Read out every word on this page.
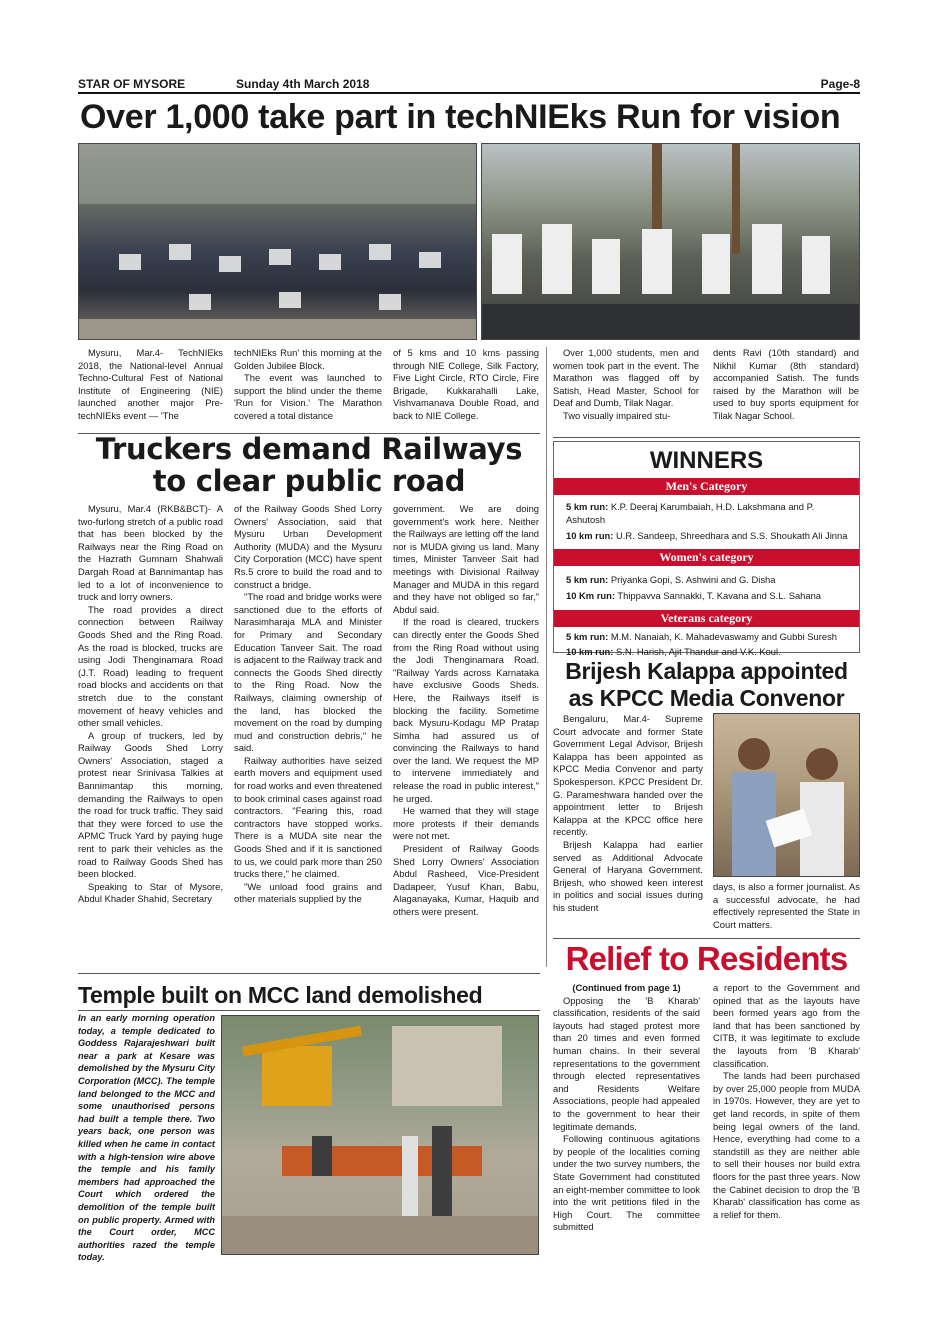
STAR OF MYSORE	Sunday 4th March 2018	Page-8
Over 1,000 take part in techNIEks Run for vision

Mysuru, Mar.4- TechNIEks 2018, the National-level Annual Techno-Cultural Fest of National Institute of Engineering (NIE) launched another major Pre-techNIEks event — 'The

techNIEks Run' this morning at the Golden Jubilee Block.

The event was launched to support the blind under the theme 'Run for Vision.' The Marathon covered a total distance

of 5 kms and 10 kms passing through NIE College, Silk Factory, Five Light Circle, RTO Circle, Fire Brigade, Kukkarahalli Lake, Vishvamanava Double Road, and back to NIE College.

Over 1,000 students, men and women took part in the event. The Marathon was flagged off by Satish, Head Master, School for Deaf and Dumb, Tilak Nagar.

Two visually impaired stu-

dents Ravi (10th standard) and Nikhil Kumar (8th standard) accompanied Satish. The funds raised by the Marathon will be used to buy sports equipment for Tilak Nagar School.

Truckers demand Railways
to clear public road

Mysuru, Mar.4 (RKB&BCT)- A two-furlong stretch of a public road that has been blocked by the Railways near the Ring Road on the Hazrath Gumnam Shahwali Dargah Road at Bannimantap has led to a lot of inconvenience to truck and lorry owners.

The road provides a direct connection between Railway Goods Shed and the Ring Road. As the road is blocked, trucks are using Jodi Thenginamara Road (J.T. Road) leading to frequent road blocks and accidents on that stretch due to the constant movement of heavy vehicles and other small vehicles.

A group of truckers, led by Railway Goods Shed Lorry Owners' Association, staged a protest near Srinivasa Talkies at Bannimantap this morning, demanding the Railways to open the road for truck traffic. They said that they were forced to use the APMC Truck Yard by paying huge rent to park their vehicles as the road to Railway Goods Shed has been blocked.

Speaking to Star of Mysore, Abdul Khader Shahid, Secretary

of the Railway Goods Shed Lorry Owners' Association, said that Mysuru Urban Development Authority (MUDA) and the Mysuru City Corporation (MCC) have spent Rs.5 crore to build the road and to construct a bridge.

"The road and bridge works were sanctioned due to the efforts of Narasimharaja MLA and Minister for Primary and Secondary Education Tanveer Sait. The road is adjacent to the Railway track and connects the Goods Shed directly to the Ring Road. Now the Railways, claiming ownership of the land, has blocked the movement on the road by dumping mud and construction debris," he said.

Railway authorities have seized earth movers and equipment used for road works and even threatened to book criminal cases against road contractors. "Fearing this, road contractors have stopped works. There is a MUDA site near the Goods Shed and if it is sanctioned to us, we could park more than 250 trucks there," he claimed.

"We unload food grains and other materials supplied by the

government. We are doing government's work here. Neither the Railways are letting off the land nor is MUDA giving us land. Many times, Minister Tanveer Sait had meetings with Divisional Railway Manager and MUDA in this regard and they have not obliged so far," Abdul said.

If the road is cleared, truckers can directly enter the Goods Shed from the Ring Road without using the Jodi Thenginamara Road. "Railway Yards across Karnataka have exclusive Goods Sheds. Here, the Railways itself is blocking the facility. Sometime back Mysuru-Kodagu MP Pratap Simha had assured us of convincing the Railways to hand over the land. We request the MP to intervene immediately and release the road in public interest," he urged.

He warned that they will stage more protests if their demands were not met.

President of Railway Goods Shed Lorry Owners' Association Abdul Rasheed, Vice-President Dadapeer, Yusuf Khan, Babu, Alaganayaka, Kumar, Haquib and others were present.

WINNERS
Men's Category
5 km run: K.P. Deeraj Karumbaiah, H.D. Lakshmana and P. Ashutosh
10 km run: U.R. Sandeep, Shreedhara and S.S. Shoukath Ali Jinna
Women's category
5 km run: Priyanka Gopi, S. Ashwini and G. Disha
10 Km run: Thippavva Sannakki, T. Kavana and S.L. Sahana
Veterans category
5 km run: M.M. Nanaiah, K. Mahadevaswamy and Gubbi Suresh
10 km run: S.N. Harish, Ajit Thandur and V.K. Koul.
Brijesh Kalappa appointed
as KPCC Media Convenor

Bengaluru, Mar.4- Supreme Court advocate and former State Government Legal Advisor, Brijesh Kalappa has been appointed as KPCC Media Convenor and party Spokesperson. KPCC President Dr. G. Parameshwara handed over the appointment letter to Brijesh Kalappa at the KPCC office here recently.

Brijesh Kalappa had earlier served as Additional Advocate General of Haryana Government. Brijesh, who showed keen interest in politics and social issues during his student

days, is also a former journalist. As a successful advocate, he had effectively represented the State in Court matters.

Relief to Residents

(Continued from page 1)

Opposing the 'B Kharab' classification, residents of the said layouts had staged protest more than 20 times and even formed human chains. In their several representations to the government through elected representatives and Residents Welfare Associations, people had appealed to the government to hear their legitimate demands.

Following continuous agitations by people of the localities coming under the two survey numbers, the State Government had constituted an eight-member committee to look into the writ petitions filed in the High Court. The committee submitted

a report to the Government and opined that as the layouts have been formed years ago from the land that has been sanctioned by CITB, it was legitimate to exclude the layouts from 'B Kharab' classification.

The lands had been purchased by over 25,000 people from MUDA in 1970s. However, they are yet to get land records, in spite of them being legal owners of the land. Hence, everything had come to a standstill as they are neither able to sell their houses nor build extra floors for the past three years. Now the Cabinet decision to drop the 'B Kharab' classification has come as a relief for them.

Temple built on MCC land demolished
In an early morning operation today, a temple dedicated to Goddess Rajarajeshwari built near a park at Kesare was demolished by the Mysuru City Corporation (MCC). The temple land belonged to the MCC and some unauthorised persons had built a temple there. Two years back, one person was killed when he came in contact with a high-tension wire above the temple and his family members had approached the Court which ordered the demolition of the temple built on public property. Armed with the Court order, MCC authorities razed the temple today.
